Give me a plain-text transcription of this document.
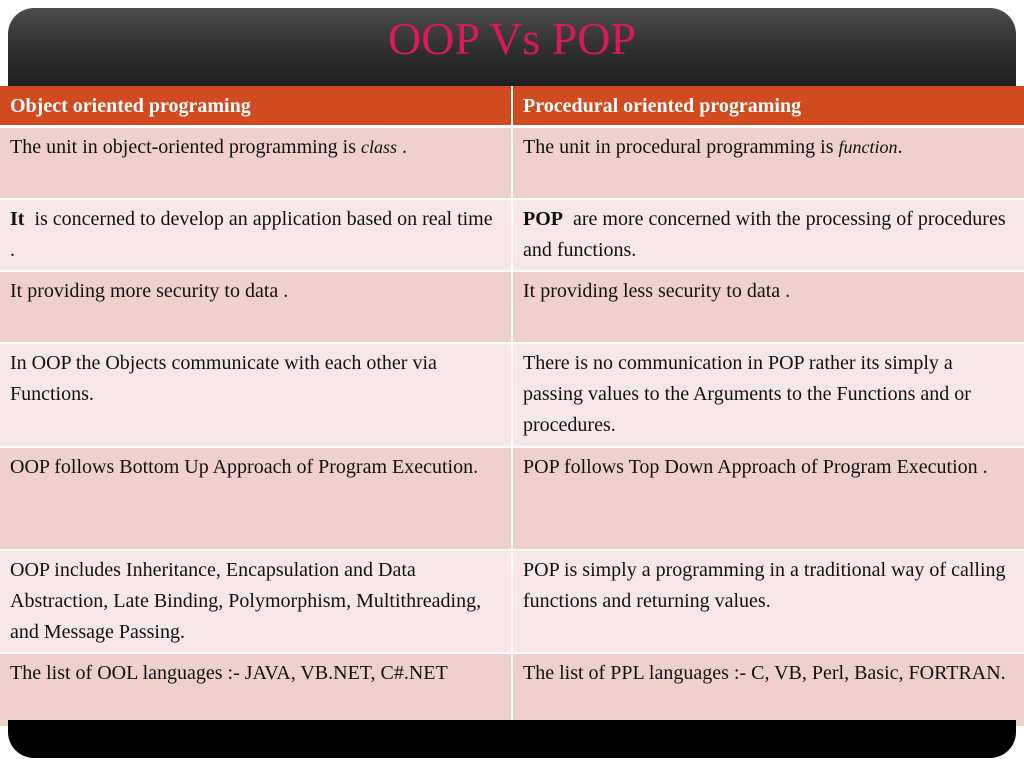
OOP Vs POP
Object oriented programing	Procedural oriented programing
The unit in object-oriented programming is class .	The unit in procedural programming is function.
It  is concerned to develop an application based on real time .	POP  are more concerned with the processing of procedures and functions.
It providing more security to data .	It providing less security to data .
In OOP the Objects communicate with each other via Functions.	There is no communication in POP rather its simply a passing values to the Arguments to the Functions and or procedures.
OOP follows Bottom Up Approach of Program Execution.	POP follows Top Down Approach of Program Execution .
OOP includes Inheritance, Encapsulation and Data Abstraction, Late Binding, Polymorphism, Multithreading, and Message Passing.	POP is simply a programming in a traditional way of calling functions and returning values.
The list of OOL languages :- JAVA, VB.NET, C#.NET	The list of PPL languages :- C, VB, Perl, Basic, FORTRAN.
